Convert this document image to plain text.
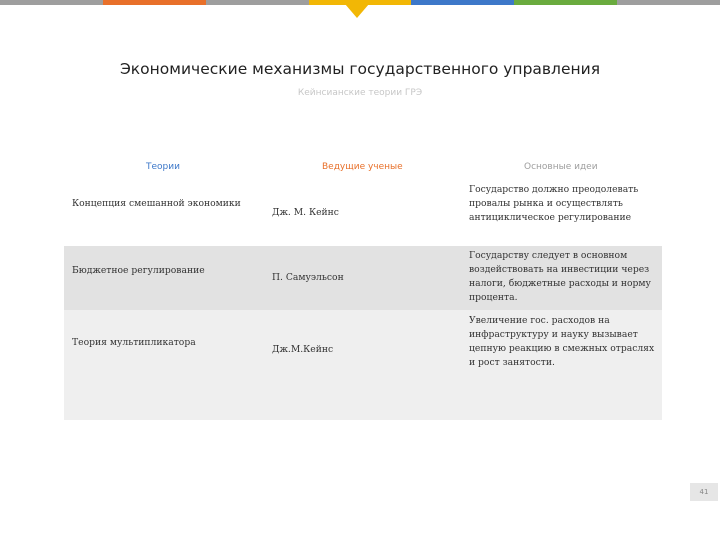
Экономические механизмы государственного управления
Кейнсианские теории ГРЭ
Теории	Ведущие ученые	Основные идеи
Концепция смешанной экономики
Дж. М. Кейнс
Государство должно преодолевать провалы рынка и осуществлять антициклическое регулирование
Бюджетное регулирование
П. Самуэльсон
Государству следует в основном воздействовать на инвестиции через налоги, бюджетные расходы и норму процента.
Теория мультипликатора
Дж.М.Кейнс
Увеличение гос. расходов на инфраструктуру и науку вызывает цепную реакцию в смежных отраслях и рост занятости.
41
